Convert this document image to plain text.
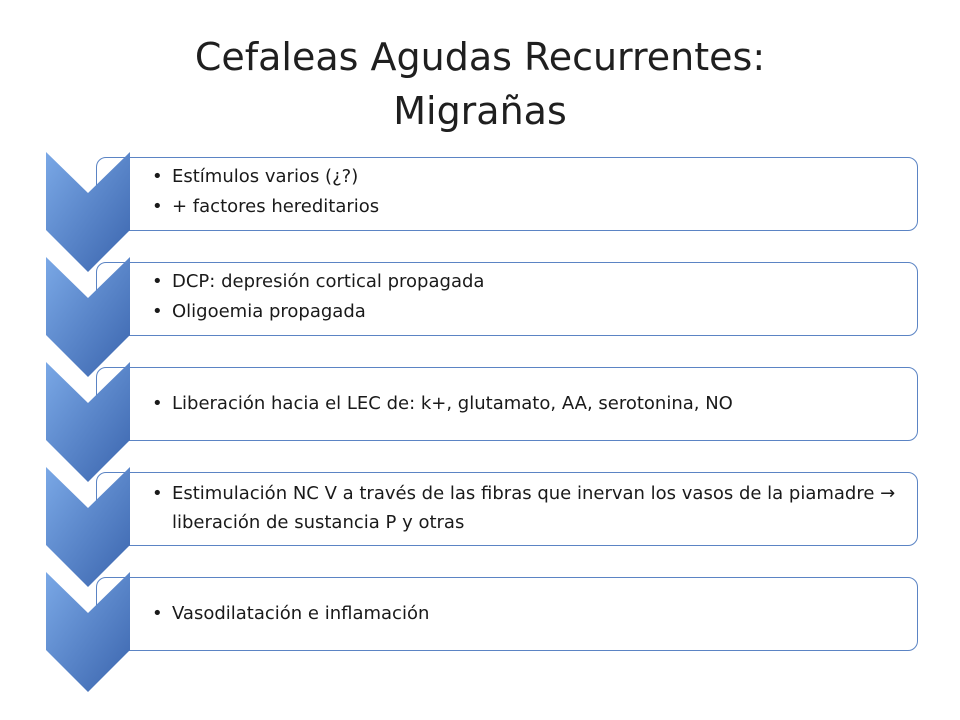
Cefaleas Agudas Recurrentes:
Migrañas
• Estímulos varios (¿?)
• + factores hereditarios
• DCP: depresión cortical propagada
• Oligoemia propagada
• Liberación hacia el LEC de: k+, glutamato, AA, serotonina, NO
• Estimulación NC V a través de las fibras que inervan los vasos de la piamadre → liberación de sustancia P y otras
• Vasodilatación e inflamación
